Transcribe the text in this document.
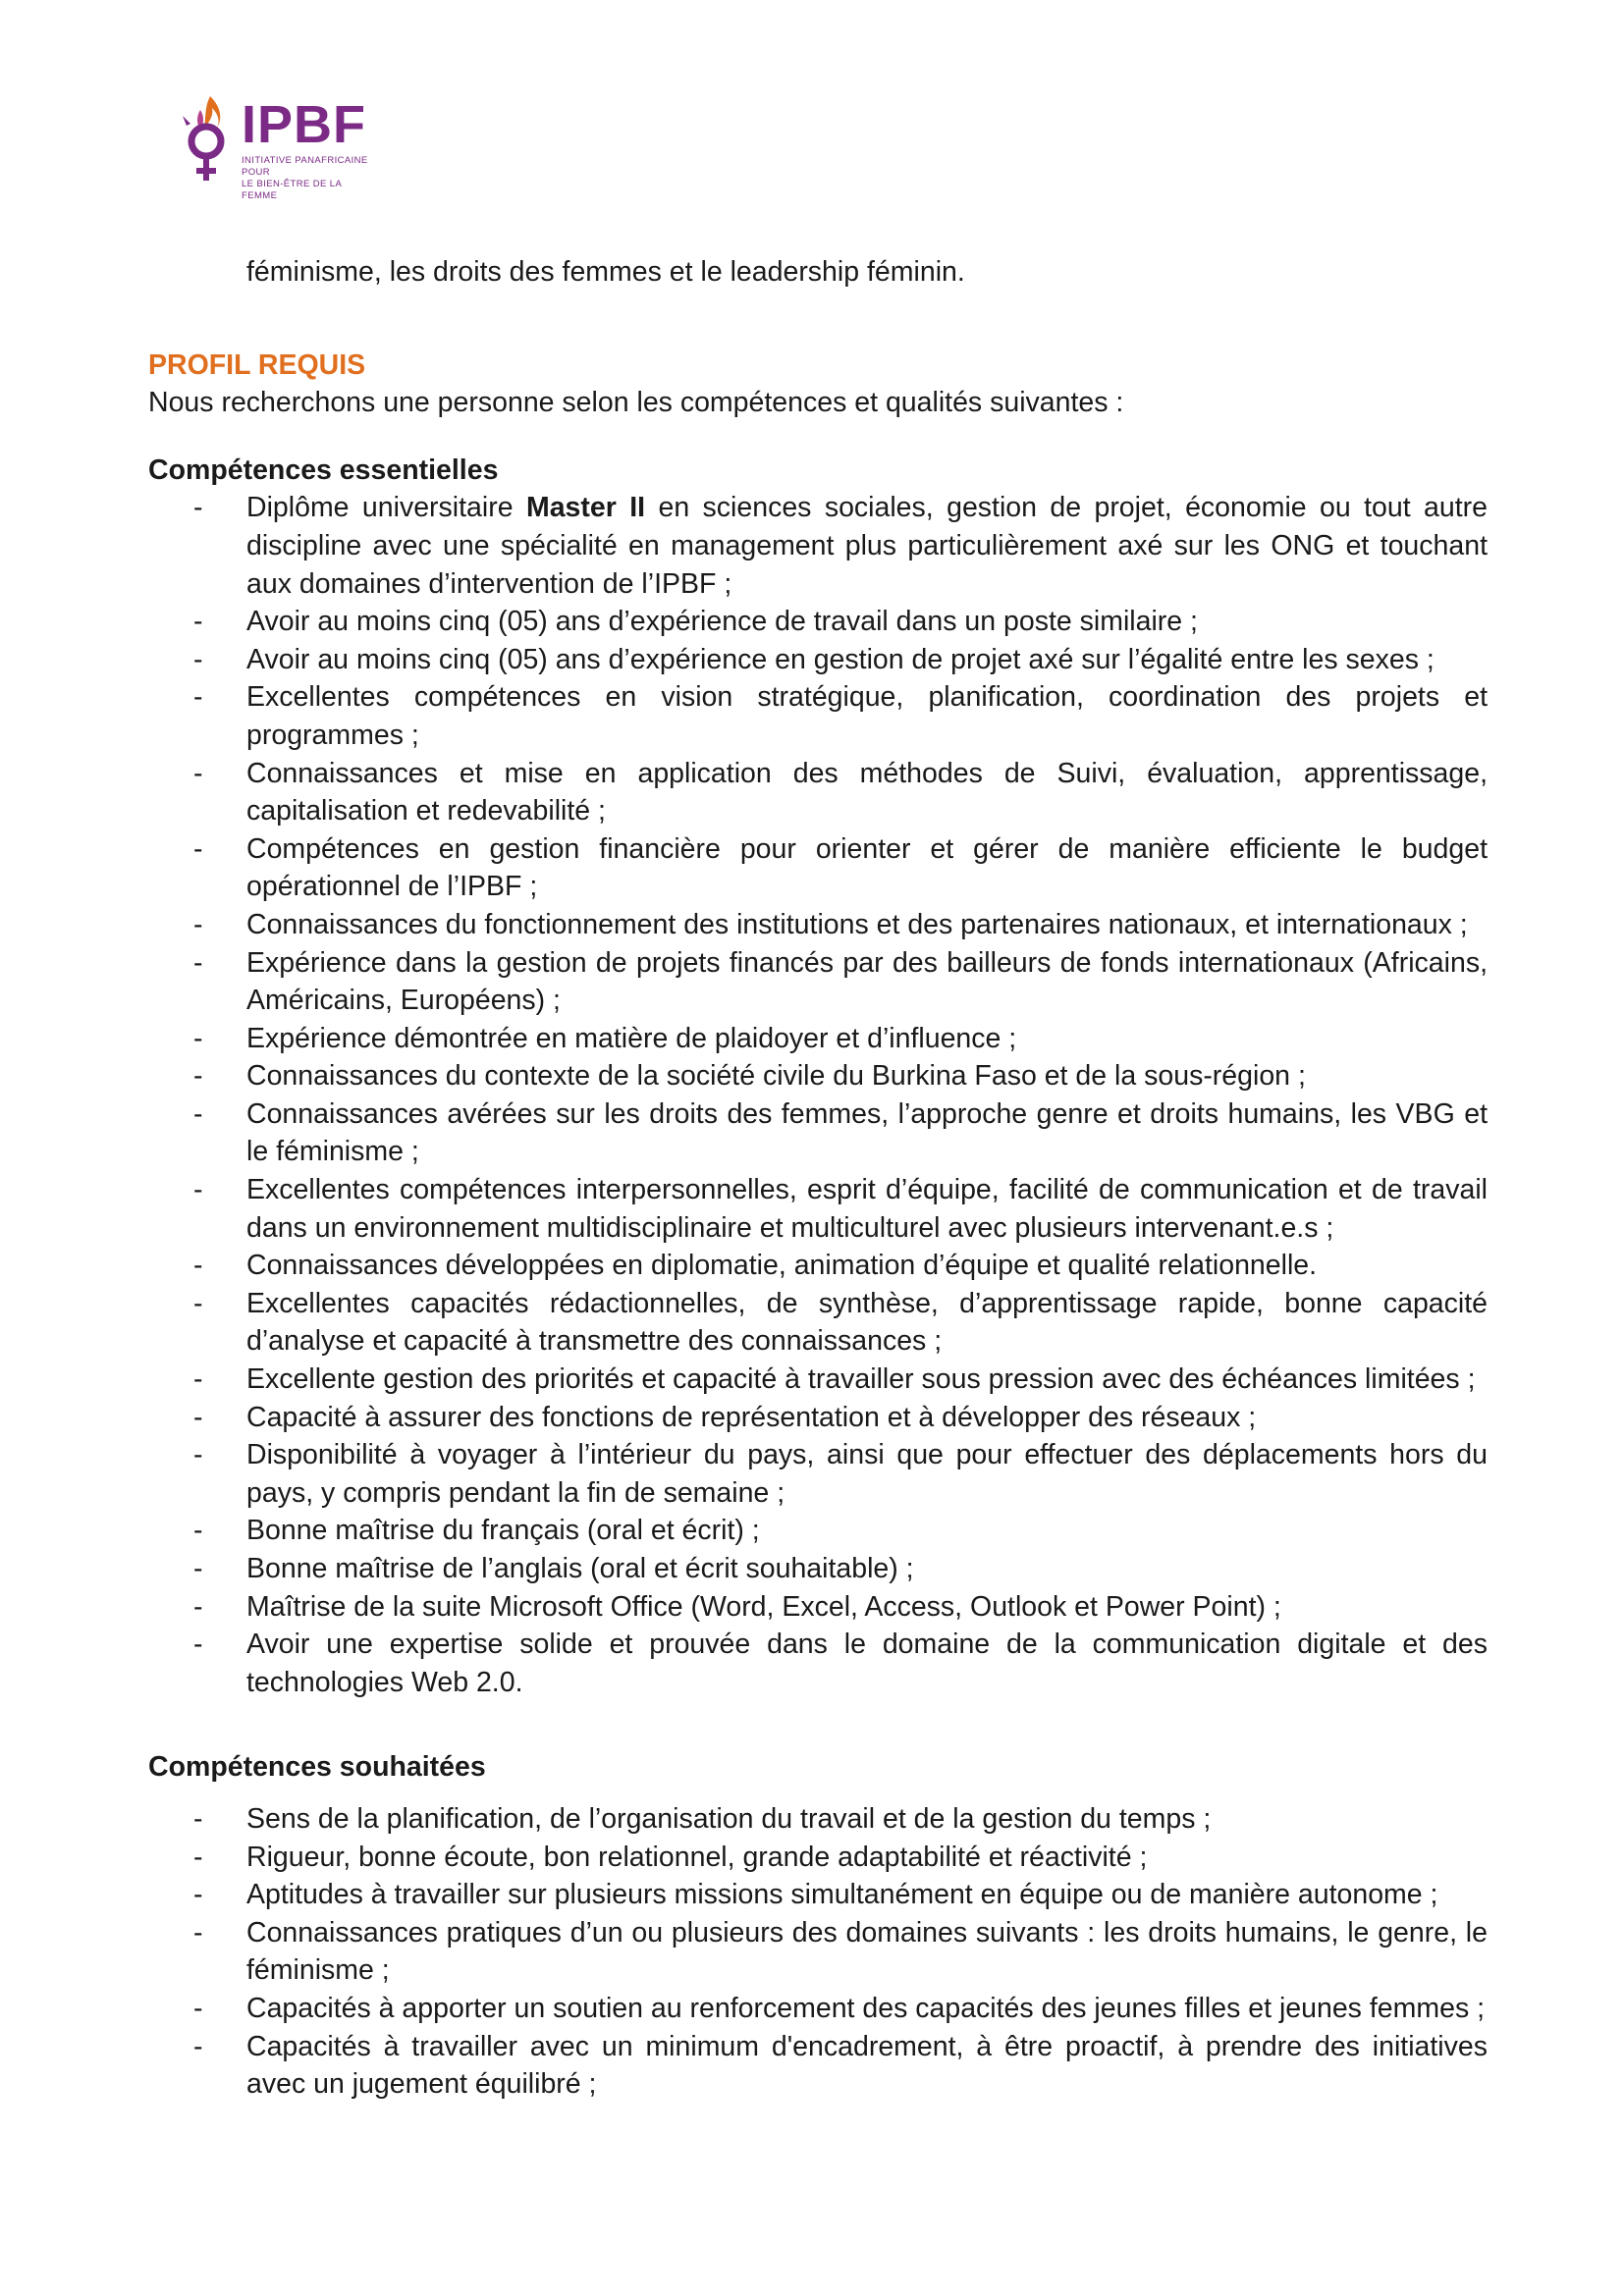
IPBF
INITIATIVE PANAFRICAINE POUR
LE BIEN-ÊTRE DE LA FEMME
féminisme, les droits des femmes et le leadership féminin.
PROFIL REQUIS
Nous recherchons une personne selon les compétences et qualités suivantes :
Compétences essentielles
- Diplôme universitaire Master II en sciences sociales, gestion de projet, économie ou tout autre discipline avec une spécialité en management plus particulièrement axé sur les ONG et touchant aux domaines d’intervention de l’IPBF ;
- Avoir au moins cinq (05) ans d’expérience de travail dans un poste similaire ;
- Avoir au moins cinq (05) ans d’expérience en gestion de projet axé sur l’égalité entre les sexes ;
- Excellentes compétences en vision stratégique, planification, coordination des projets et programmes ;
- Connaissances et mise en application des méthodes de Suivi, évaluation, apprentissage, capitalisation et redevabilité ;
- Compétences en gestion financière pour orienter et gérer de manière efficiente le budget opérationnel de l’IPBF ;
- Connaissances du fonctionnement des institutions et des partenaires nationaux, et internationaux ;
- Expérience dans la gestion de projets financés par des bailleurs de fonds internationaux (Africains, Américains, Européens) ;
- Expérience démontrée en matière de plaidoyer et d’influence ;
- Connaissances du contexte de la société civile du Burkina Faso et de la sous-région ;
- Connaissances avérées sur les droits des femmes, l’approche genre et droits humains, les VBG et le féminisme ;
- Excellentes compétences interpersonnelles, esprit d’équipe, facilité de communication et de travail dans un environnement multidisciplinaire et multiculturel avec plusieurs intervenant.e.s ;
- Connaissances développées en diplomatie, animation d’équipe et qualité relationnelle.
- Excellentes capacités rédactionnelles, de synthèse, d’apprentissage rapide, bonne capacité d’analyse et capacité à transmettre des connaissances ;
- Excellente gestion des priorités et capacité à travailler sous pression avec des échéances limitées ;
- Capacité à assurer des fonctions de représentation et à développer des réseaux ;
- Disponibilité à voyager à l’intérieur du pays, ainsi que pour effectuer des déplacements hors du pays, y compris pendant la fin de semaine ;
- Bonne maîtrise du français (oral et écrit) ;
- Bonne maîtrise de l’anglais (oral et écrit souhaitable) ;
- Maîtrise de la suite Microsoft Office (Word, Excel, Access, Outlook et Power Point) ;
- Avoir une expertise solide et prouvée dans le domaine de la communication digitale et des technologies Web 2.0.
Compétences souhaitées
- Sens de la planification, de l’organisation du travail et de la gestion du temps ;
- Rigueur, bonne écoute, bon relationnel, grande adaptabilité et réactivité ;
- Aptitudes à travailler sur plusieurs missions simultanément en équipe ou de manière autonome ;
- Connaissances pratiques d’un ou plusieurs des domaines suivants : les droits humains, le genre, le féminisme ;
- Capacités à apporter un soutien au renforcement des capacités des jeunes filles et jeunes femmes ;
- Capacités à travailler avec un minimum d'encadrement, à être proactif, à prendre des initiatives avec un jugement équilibré ;
